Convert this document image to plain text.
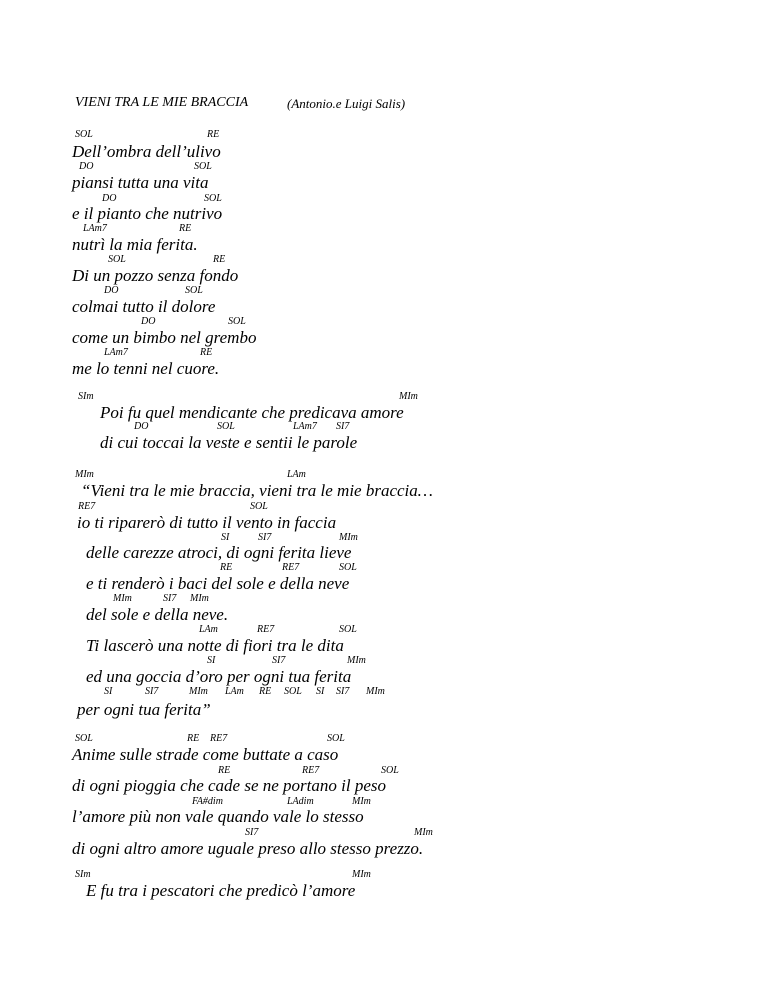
VIENI TRA LE MIE BRACCIA	(Antonio.e Luigi Salis)
SOL	RE
Dell’ombra dell’ulivo
DO	SOL
piansi tutta una vita
DO	SOL
e il pianto che nutrivo
LAm7	RE
nutrì la mia ferita.
SOL	RE
Di un pozzo senza fondo
DO	SOL
colmai tutto il dolore
DO	SOL
come un bimbo nel grembo
LAm7	RE
me lo tenni nel cuore.
SIm	MIm
Poi fu quel mendicante che predicava amore
DO	SOL	LAm7 SI7
di cui toccai la veste e sentii le parole
MIm	LAm
“Vieni tra le mie braccia, vieni tra le mie braccia…
RE7	SOL
io ti riparerò di tutto il vento in faccia
SI	SI7	MIm
delle carezze atroci, di ogni ferita lieve
RE	RE7	SOL
e ti renderò i baci del sole e della neve
MIm	SI7 MIm
del sole e della neve.
LAm	RE7	SOL
Ti lascerò una notte di fiori tra le dita
SI	SI7	MIm
ed una goccia d’oro per ogni tua ferita
SI	SI7	MIm LAm RE SOL SI SI7 MIm
per ogni tua ferita”
SOL	RE RE7	SOL
Anime sulle strade come buttate a caso
RE	RE7	SOL
di ogni pioggia che cade se ne portano il peso
FA#dim	LAdim	MIm
l’amore più non vale quando vale lo stesso
SI7	MIm
di ogni altro amore uguale preso allo stesso prezzo.
SIm	MIm
E fu tra i pescatori che predicò l’amore
